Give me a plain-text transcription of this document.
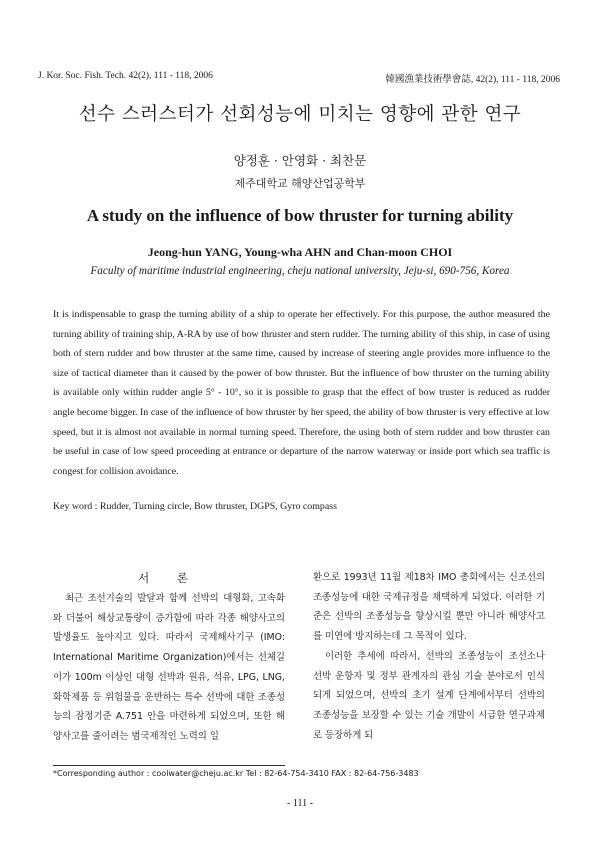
J. Kor. Soc. Fish. Tech. 42(2), 111 - 118, 2006	韓國漁業技術學會誌, 42(2), 111 - 118, 2006
선수 스러스터가 선회성능에 미치는 영향에 관한 연구
양정훈 · 안영화 · 최찬문
제주대학교 해양산업공학부
A study on the influence of bow thruster for turning ability
Jeong-hun YANG, Young-wha AHN and Chan-moon CHOI
Faculty of maritime industrial engineering, cheju national university, Jeju-si, 690-756, Korea

It is indispensable to grasp the turning ability of a ship to operate her effectively. For this purpose, the author measured the turning ability of training ship, A-RA by use of bow thruster and stern rudder. The turning ability of this ship, in case of using both of stern rudder and bow thruster at the same time, caused by increase of steering angle provides more influence to the size of tactical diameter than it caused by the power of bow thruster. But the influence of bow thruster on the turning ability is available only within rudder angle 5° - 10°, so it is possible to grasp that the effect of bow truster is reduced as rudder angle become bigger. In case of the influence of bow thruster by her speed, the ability of bow thruster is very effective at low speed, but it is almost not available in normal turning speed. Therefore, the using both of stern rudder and bow thruster can be useful in case of low speed proceeding at entrance or departure of the narrow waterway or inside port which sea traffic is congest for collision avoidance.

Key word : Rudder, Turning circle, Bow thruster, DGPS, Gyro compass
서 론

최근 조선기술의 발달과 함께 선박의 대형화, 고속화와 더불어 해상교통량이 증가함에 따라 각종 해양사고의 발생율도 높아지고 있다. 따라서 국제해사기구 (IMO: International Maritime Organization)에서는 선체길이가 100m 이상인 대형 선박과 원유, 석유, LPG, LNG, 화학제품 등 위험물을 운반하는 특수 선박에 대한 조종성능의 잠정기준 A.751 안을 마련하게 되었으며, 또한 해양사고를 줄이려는 범국제적인 노력의 일

환으로 1993년 11월 제18차 IMO 총회에서는 신조선의 조종성능에 대한 국제규정을 채택하게 되었다. 이러한 기준은 선박의 조종성능을 향상시킬 뿐만 아니라 해양사고를 미연에 방지하는데 그 목적이 있다.

이러한 추세에 따라서, 선박의 조종성능이 조선소나 선박 운항자 및 정부 관계자의 관심 기술 분야로서 인식되게 되었으며, 선박의 초기 설계 단계에서부터 선박의 조종성능을 보장할 수 있는 기술 개발이 시급한 연구과제로 등장하게 되

*Corresponding author : coolwater@cheju.ac.kr Tel : 82-64-754-3410 FAX : 82-64-756-3483
- 111 -
